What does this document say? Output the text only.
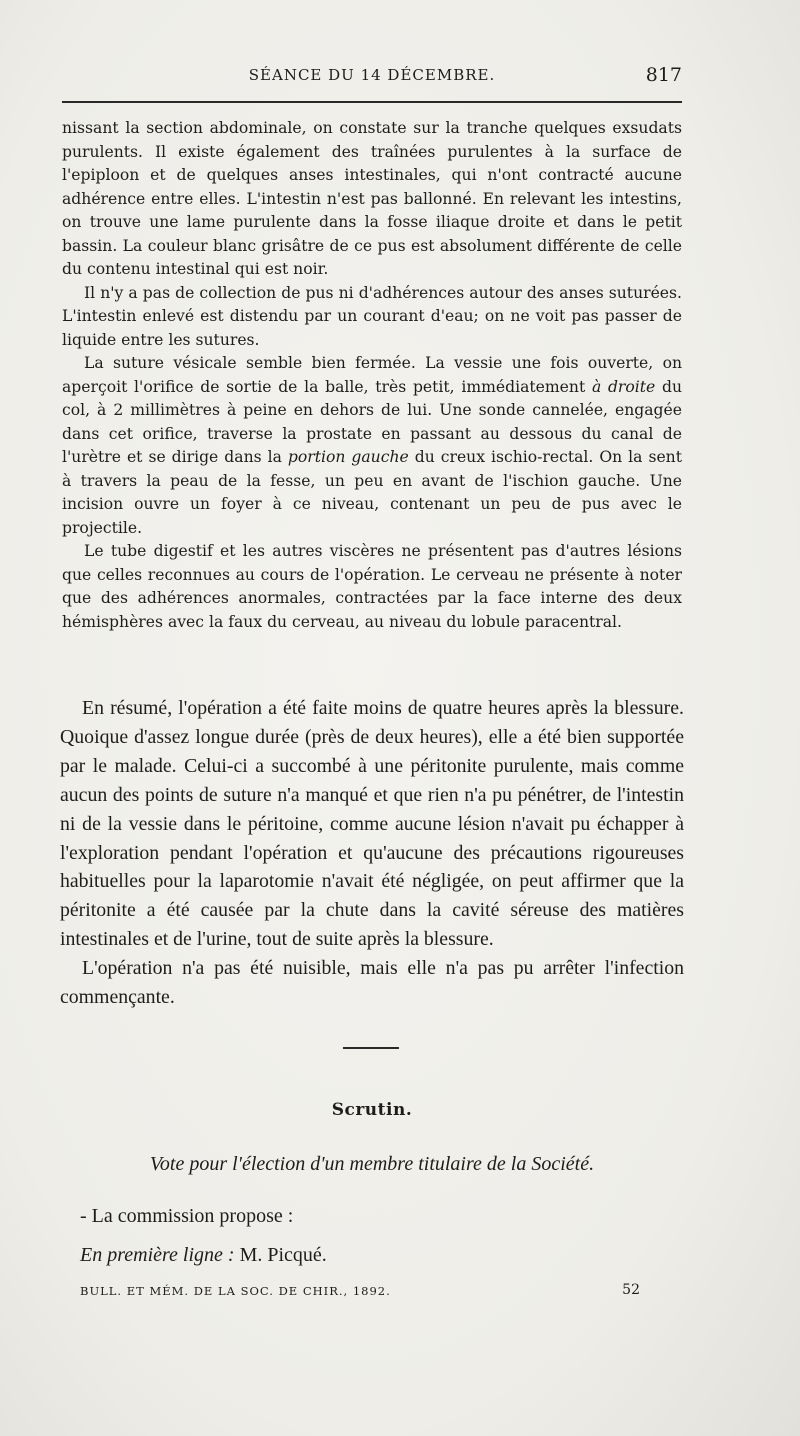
SÉANCE DU 14 DÉCEMBRE.	817

nissant la section abdominale, on constate sur la tranche quelques exsudats purulents. Il existe également des traînées purulentes à la surface de l'epiploon et de quelques anses intestinales, qui n'ont contracté aucune adhérence entre elles. L'intestin n'est pas ballonné. En relevant les intestins, on trouve une lame purulente dans la fosse iliaque droite et dans le petit bassin. La couleur blanc grisâtre de ce pus est absolument différente de celle du contenu intestinal qui est noir.

Il n'y a pas de collection de pus ni d'adhérences autour des anses suturées. L'intestin enlevé est distendu par un courant d'eau; on ne voit pas passer de liquide entre les sutures.

La suture vésicale semble bien fermée. La vessie une fois ouverte, on aperçoit l'orifice de sortie de la balle, très petit, immédiatement à droite du col, à 2 millimètres à peine en dehors de lui. Une sonde cannelée, engagée dans cet orifice, traverse la prostate en passant au dessous du canal de l'urètre et se dirige dans la portion gauche du creux ischio-rectal. On la sent à travers la peau de la fesse, un peu en avant de l'ischion gauche. Une incision ouvre un foyer à ce niveau, contenant un peu de pus avec le projectile.

Le tube digestif et les autres viscères ne présentent pas d'autres lésions que celles reconnues au cours de l'opération. Le cerveau ne présente à noter que des adhérences anormales, contractées par la face interne des deux hémisphères avec la faux du cerveau, au niveau du lobule paracentral.

En résumé, l'opération a été faite moins de quatre heures après la blessure. Quoique d'assez longue durée (près de deux heures), elle a été bien supportée par le malade. Celui-ci a succombé à une péritonite purulente, mais comme aucun des points de suture n'a manqué et que rien n'a pu pénétrer, de l'intestin ni de la vessie dans le péritoine, comme aucune lésion n'avait pu échapper à l'exploration pendant l'opération et qu'aucune des précautions rigoureuses habituelles pour la laparotomie n'avait été négligée, on peut affirmer que la péritonite a été causée par la chute dans la cavité séreuse des matières intestinales et de l'urine, tout de suite après la blessure.

L'opération n'a pas été nuisible, mais elle n'a pas pu arrêter l'infection commençante.

Scrutin.
Vote pour l'élection d'un membre titulaire de la Société.
- La commission propose :
En première ligne : M. Picqué.
BULL. ET MÉM. DE LA SOC. DE CHIR., 1892.	52
